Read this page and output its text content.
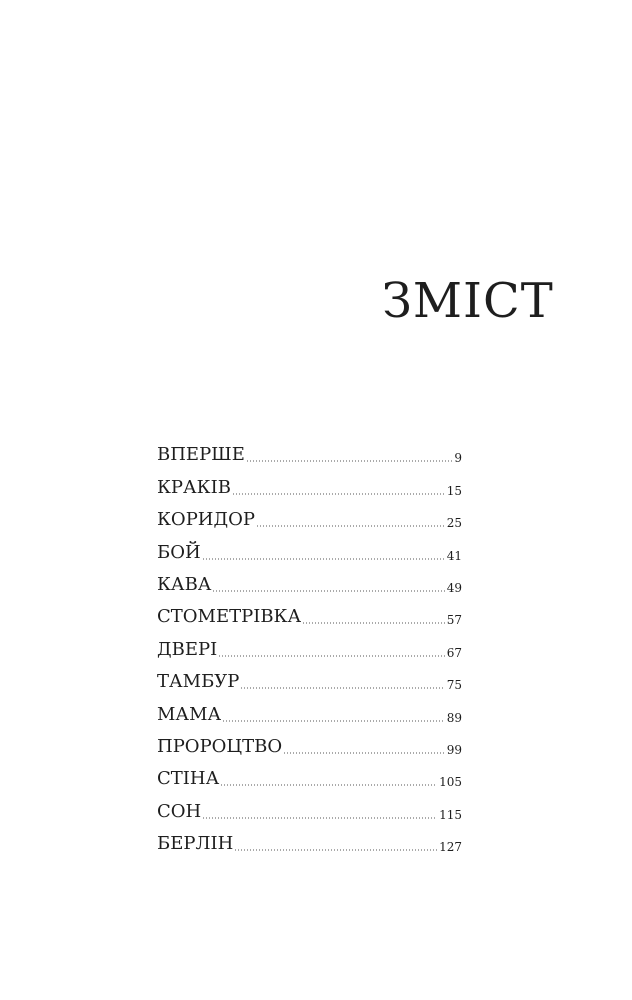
ЗМІСТ
ВПЕРШЕ	9
КРАКІВ	15
КОРИДОР	25
БОЙ	41
КАВА	49
СТОМЕТРІВКА	57
ДВЕРІ	67
ТАМБУР	75
МАМА	89
ПРОРОЦТВО	99
СТІНА	105
СОН	115
БЕРЛІН	127
